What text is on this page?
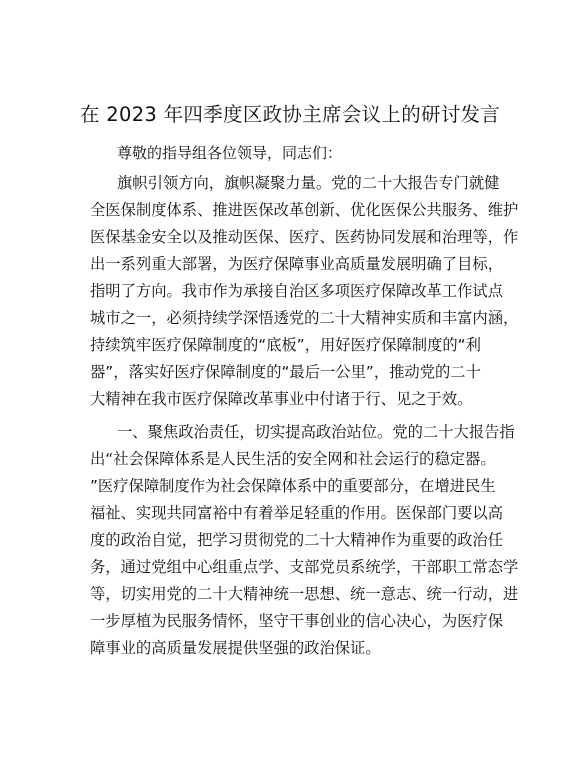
在 2023 年四季度区政协主席会议上的研讨发言

尊敬的指导组各位领导，同志们：

旗帜引领方向，旗帜凝聚力量。党的二十大报告专门就健
全医保制度体系、推进医保改革创新、优化医保公共服务、维护
医保基金安全以及推动医保、医疗、医药协同发展和治理等，作
出一系列重大部署，为医疗保障事业高质量发展明确了目标，
指明了方向。我市作为承接自治区多项医疗保障改革工作试点
城市之一，必须持续学深悟透党的二十大精神实质和丰富内涵，
持续筑牢医疗保障制度的“底板”，用好医疗保障制度的“利
器”，落实好医疗保障制度的“最后一公里”，推动党的二十
大精神在我市医疗保障改革事业中付诸于行、见之于效。
一、聚焦政治责任，切实提高政治站位。党的二十大报告指
出“社会保障体系是人民生活的安全网和社会运行的稳定器。
”医疗保障制度作为社会保障体系中的重要部分，在增进民生
福祉、实现共同富裕中有着举足轻重的作用。医保部门要以高
度的政治自觉，把学习贯彻党的二十大精神作为重要的政治任
务，通过党组中心组重点学、支部党员系统学，干部职工常态学
等，切实用党的二十大精神统一思想、统一意志、统一行动，进
一步厚植为民服务情怀，坚守干事创业的信心决心，为医疗保
障事业的高质量发展提供坚强的政治保证。
